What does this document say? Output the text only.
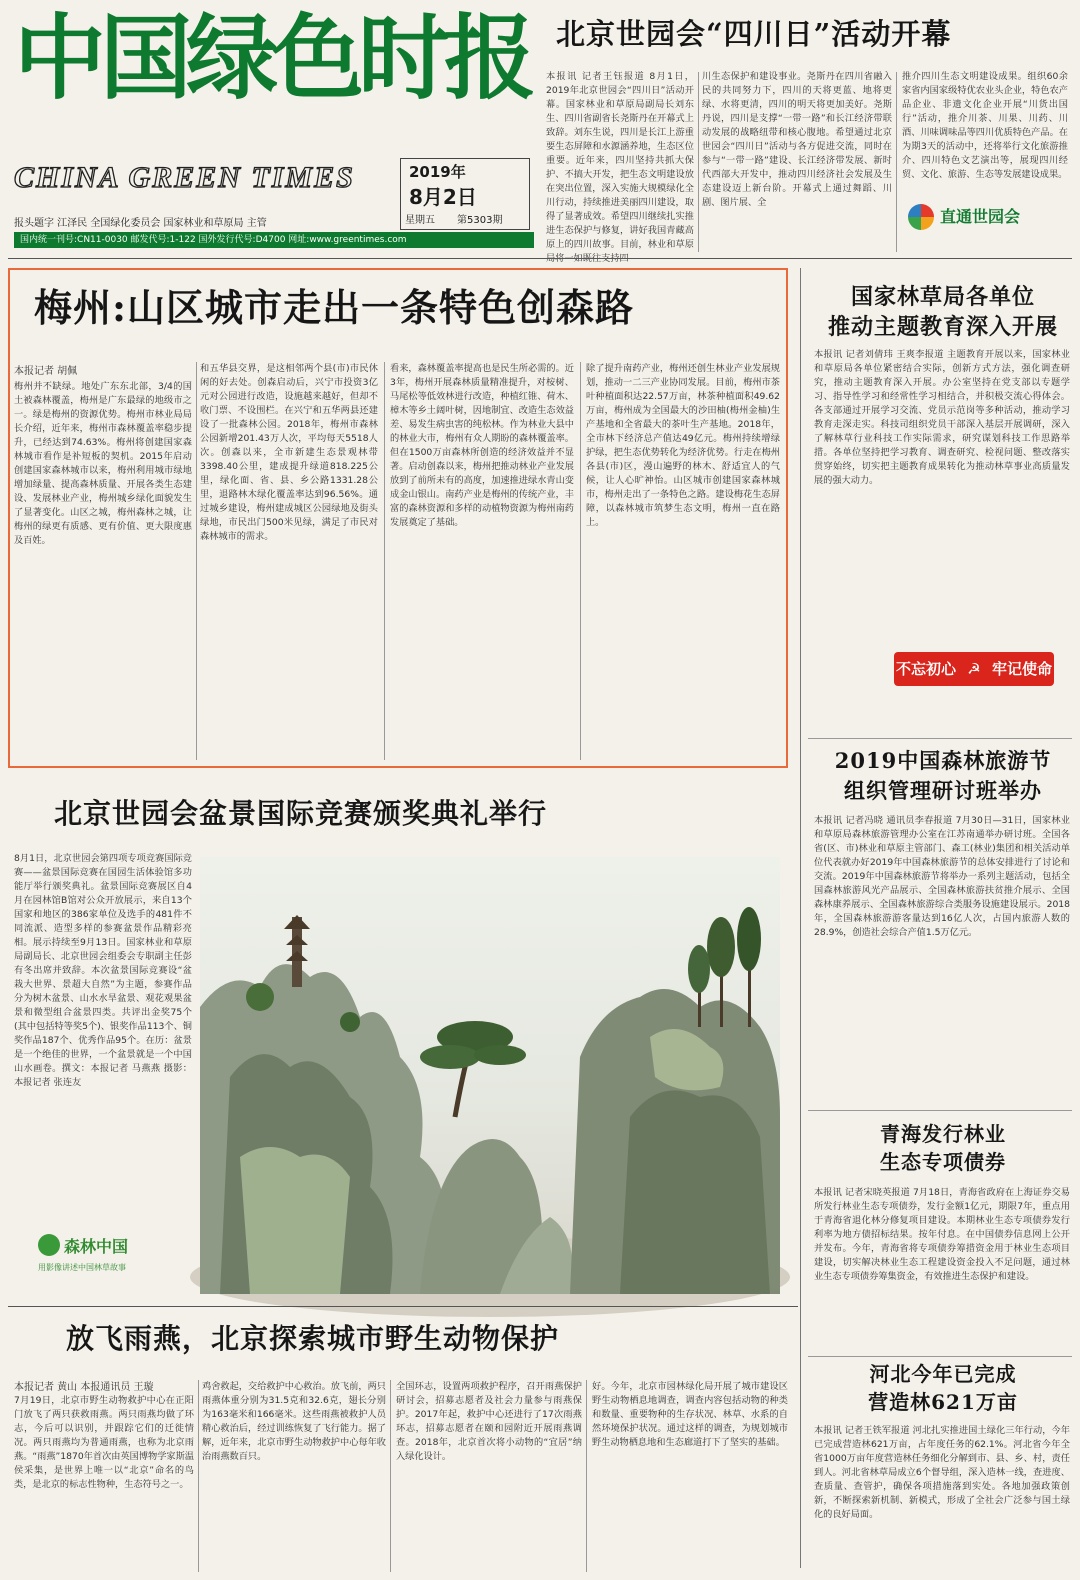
中国绿色时报
CHINA GREEN TIMES	2019年
8月2日
星期五 第5303期
报头题字 江泽民 全国绿化委员会 国家林业和草原局 主管
国内统一刊号:CN11-0030 邮发代号:1-122 国外发行代号:D4700 网址:www.greentimes.com
北京世园会“四川日”活动开幕
本报讯 记者王钰报道 8月1日，2019年北京世园会“四川日”活动开幕。国家林业和草原局副局长刘东生、四川省副省长尧斯丹在开幕式上致辞。刘东生说，四川是长江上游重要生态屏障和水源涵养地，生态区位重要。近年来，四川坚持共抓大保护、不搞大开发，把生态文明建设放在突出位置，深入实施大规模绿化全川行动，持续推进美丽四川建设，取得了显著成效。希望四川继续扎实推进生态保护与修复，讲好我国青藏高原上的四川故事。目前，林业和草原
川生态保护和建设事业。尧斯丹在四川省融入民的共同努力下，四川的天将更蓝、地将更绿、水将更清，四川的明天将更加美好。尧斯丹说，四川是支撑“一带一路”和长江经济带联动发展的战略纽带和核心腹地。希望通过北京世园会“四川日”活动与各方促进交流，同时在参与“一带一路”建设、长江经济带发展、新时代西部大开发中，推动四川经济社会发展及生态建设迈上新台阶。开幕式上通过舞蹈、川剧、图片展、全
推介四川生态文明建设成果。组织60余家省内国家级特优农业头企业，特色农产品企业、非遗文化企业开展“川货出国行”活动，推介川茶、川果、川药、川酒、川味调味品等四川优质特色产品。在为期3天的活动中，还将举行文化旅游推介、四川特色文艺演出等，展现四川经贸、文化、旅游、生态等发展建设成果。
直通世园会
梅州:山区城市走出一条特色创森路
本报记者 胡佩
梅州并不缺绿。地处广东东北部，3/4的国土被森林覆盖，梅州是广东最绿的地级市之一。绿是梅州的资源优势。梅州市林业局局长介绍，近年来，梅州市森林覆盖率稳步提升，已经达到74.63%。梅州将创建国家森林城市看作是补短板的契机。2015年启动创建国家森林城市以来，梅州利用城市绿地增加绿量、提高森林质量、开展各类生态建设、发展林业产业，梅州城乡绿化面貌发生了显著变化。山区之城，梅州森林之城，让梅州的绿更有质感、更有价值、更大限度惠及百姓。
和五华县交界，是这相邻两个县(市)市民休闲的好去处。创森启动后，兴宁市投资3亿元对公园进行改造，设施越来越好，但却不收门票、不设围栏。在兴宁和五华两县还建设了一批森林公园。2018年，梅州市森林公园新增201.43万人次，平均每天5518人次。创森以来，全市新建生态景观林带3398.40公里，建成提升绿道818.225公里，绿化面、省、县、乡公路1331.28公里，退路林木绿化覆盖率达到96.56%。通过城乡建设，梅州建成城区公园绿地及街头绿地，市民出门500米见绿，满足了市民对森林城市的需求。
看来，森林覆盖率提高也是民生所必需的。近3年，梅州开展森林质量精准提升，对桉树、马尾松等低效林进行改造，种植红锥、荷木、樟木等乡土阔叶树，因地制宜、改造生态效益差、易发生病虫害的纯松林。作为林业大县中的林业大市，梅州有众人期盼的森林覆盖率。但在1500万亩森林所创造的经济效益并不显著。启动创森以来，梅州把推动林业产业发展放到了前所未有的高度，加速推进绿水青山变成金山银山。南药产业是梅州的传统产业，丰富的森林资源和多样的动植物资源为梅州南药发展奠定了基础。
除了提升南药产业，梅州还创生林业产业发展规划，推动一二三产业协同发展。目前，梅州市茶叶种植面积达22.57万亩，林茶种植面积49.62万亩，梅州成为全国最大的沙田柚(梅州金柚)生产基地和全省最大的茶叶生产基地。2018年，全市林下经济总产值达49亿元。梅州持续增绿护绿，把生态优势转化为经济优势。行走在梅州各县(市)区，漫山遍野的林木、舒适宜人的气候，让人心旷神怡。山区城市创建国家森林城市，梅州走出了一条特色之路。建设梅花生态屏障，以森林城市筑梦生态文明，梅州一直在路上。
国家林草局各单位
推动主题教育深入开展
本报讯 记者刘倩玮 王爽李报道 主题教育开展以来，国家林业和草原局各单位紧密结合实际，创新方式方法，强化调查研究，推动主题教育深入开展。办公室坚持在党支部以专题学习、指导性学习和经常性学习相结合，并积极交流心得体会。各支部通过开展学习交流、党员示范岗等多种活动，推动学习教育走深走实。科技司组织党员干部深入基层开展调研，深入了解林草行业科技工作实际需求，研究谋划科技工作思路举措。各单位坚持把学习教育、调查研究、检视问题、整改落实贯穿始终，切实把主题教育成果转化为推动林草事业高质量发展的强大动力。
不忘初心 ☭ 牢记使命
2019中国森林旅游节
组织管理研讨班举办
本报讯 记者冯晓 通讯员李春报道 7月30日—31日，国家林业和草原局森林旅游管理办公室在江苏南通举办研讨班。全国各省(区、市)林业和草原主管部门、森工(林业)集团和相关活动单位代表就办好2019年中国森林旅游节的总体安排进行了讨论和交流。2019年中国森林旅游节将举办一系列主题活动，包括全国森林旅游风光产品展示、全国森林旅游扶贫推介展示、全国森林康养展示、全国森林旅游综合类服务设施建设展示。2018年，全国森林旅游游客量达到16亿人次，占国内旅游人数的28.9%，创造社会综合产值1.5万亿元。
青海发行林业
生态专项债券
本报讯 记者宋晓英报道 7月18日，青海省政府在上海证券交易所发行林业生态专项债券，发行金额1亿元，期限7年，重点用于青海省退化林分修复项目建设。本期林业生态专项债券发行利率为地方债招标结果。按年付息。在中国债券信息网上公开并发布。今年，青海省将专项债券筹措资金用于林业生态项目建设，切实解决林业生态工程建设资金投入不足问题，通过林业生态专项债券筹集资金，有效推进生态保护和建设。
河北今年已完成
营造林621万亩
本报讯 记者王铁军报道 河北扎实推进国土绿化三年行动，今年已完成营造林621万亩，占年度任务的62.1%。河北省今年全省1000万亩年度营造林任务细化分解到市、县、乡、村，责任到人。河北省林草局成立6个督导组，深入造林一线，查进度、查质量、查管护，确保各项措施落到实处。各地加强政策创新，不断探索新机制、新模式，形成了全社会广泛参与国土绿化的良好局面。
北京世园会盆景国际竞赛颁奖典礼举行
8月1日，北京世园会第四项专项竞赛国际竞赛——盆景国际竞赛在国园生活体验馆多功能厅举行颁奖典礼。盆景国际竞赛展区自4月在园林馆B馆对公众开放展示，来自13个国家和地区的386家单位及选手的481件不同流派、造型多样的参赛盆景作品精彩亮相。展示持续至9月13日。国家林业和草原局副局长、北京世园会组委会专职副主任彭有冬出席并致辞。本次盆景国际竞赛设“盆栽大世界、景超大自然”为主题，参赛作品分为树木盆景、山水水旱盆景、观花观果盆景和微型组合盆景四类。共评出金奖75个(其中包括特等奖5个)、银奖作品113个、铜奖作品187个、优秀作品95个。在历：盆景是一个绝佳的世界，一个盆景就是一个中国山水画卷。撰文：本报记者 马燕燕 摄影：本报记者 张连友
森林中国
用影像讲述中国林草故事
放飞雨燕，北京探索城市野生动物保护
本报记者 黄山 本报通讯员 王璇
7月19日，北京市野生动物救护中心在正阳门放飞了两只获救雨燕。两只雨燕均做了环志，今后可以识别，并跟踪它们的迁徙情况。两只雨燕均为普通雨燕，也称为北京雨燕。“雨燕”1870年首次由英国博物学家斯温侯采集，是世界上唯一以“北京”命名的鸟类，是北京的标志性物种，生态符号之一。
鸡舍救起，交给救护中心救治。放飞前，两只雨燕体重分别为31.5克和32.6克，翅长分别为163毫米和166毫米。这些雨燕被救护人员精心救治后，经过训练恢复了飞行能力。据了解，近年来，北京市野生动物救护中心每年收治雨燕数百只。
全国环志，设置两项救护程序，召开雨燕保护研讨会，招募志愿者及社会力量参与雨燕保护。2017年起，救护中心还进行了17次雨燕环志，招募志愿者在颐和园附近开展雨燕调查。2018年，北京首次将小动物的“宜居”纳入绿化设计。
好。今年，北京市园林绿化局开展了城市建设区野生动物栖息地调查，调查内容包括动物的种类和数量、重要物种的生存状况、林草、水系的自然环境保护状况。通过这样的调查，为规划城市野生动物栖息地和生态廊道打下了坚实的基础。
